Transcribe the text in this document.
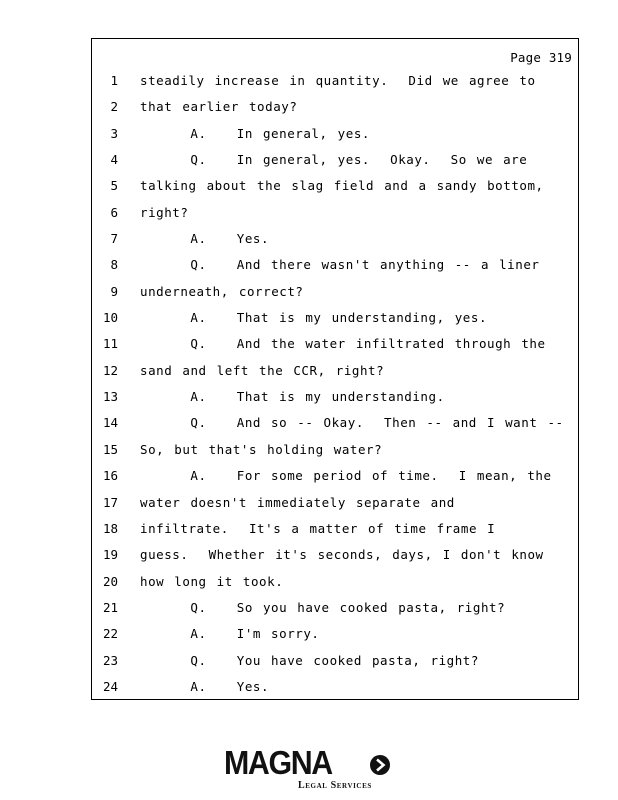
Page 319
1 steadily increase in quantity.  Did we agree to
2 that earlier today?
3 A.   In general, yes.
4 Q.   In general, yes.  Okay.  So we are
5 talking about the slag field and a sandy bottom,
6 right?
7 A.   Yes.
8 Q.   And there wasn't anything -- a liner
9 underneath, correct?
10 A.   That is my understanding, yes.
11 Q.   And the water infiltrated through the
12 sand and left the CCR, right?
13 A.   That is my understanding.
14 Q.   And so -- Okay.  Then -- and I want --
15 So, but that's holding water?
16 A.   For some period of time.  I mean, the
17 water doesn't immediately separate and
18 infiltrate.  It's a matter of time frame I
19 guess.  Whether it's seconds, days, I don't know
20 how long it took.
21 Q.   So you have cooked pasta, right?
22 A.   I'm sorry.
23 Q.   You have cooked pasta, right?
24 A.   Yes.
MAGNA
Legal Services
